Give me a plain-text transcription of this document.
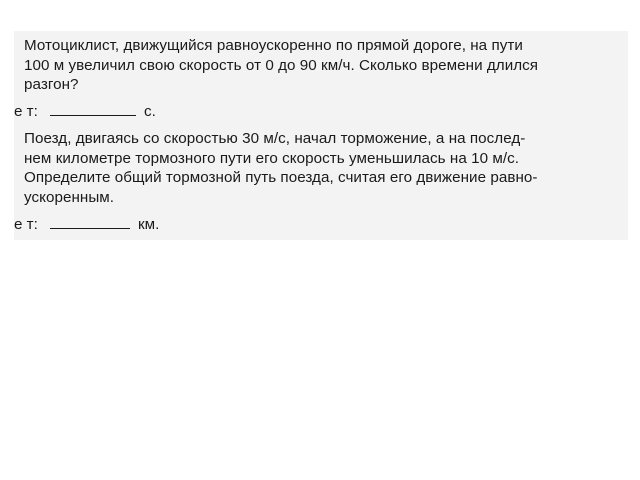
Мотоциклист, движущийся равноускоренно по прямой дороге, на пути
100 м увеличил свою скорость от 0 до 90 км/ч. Сколько времени длился
разгон?
е т:	с.
Поезд, двигаясь со скоростью 30 м/с, начал торможение, а на послед-
нем километре тормозного пути его скорость уменьшилась на 10 м/с.
Определите общий тормозной путь поезда, считая его движение равно-
ускоренным.
е т:	км.
